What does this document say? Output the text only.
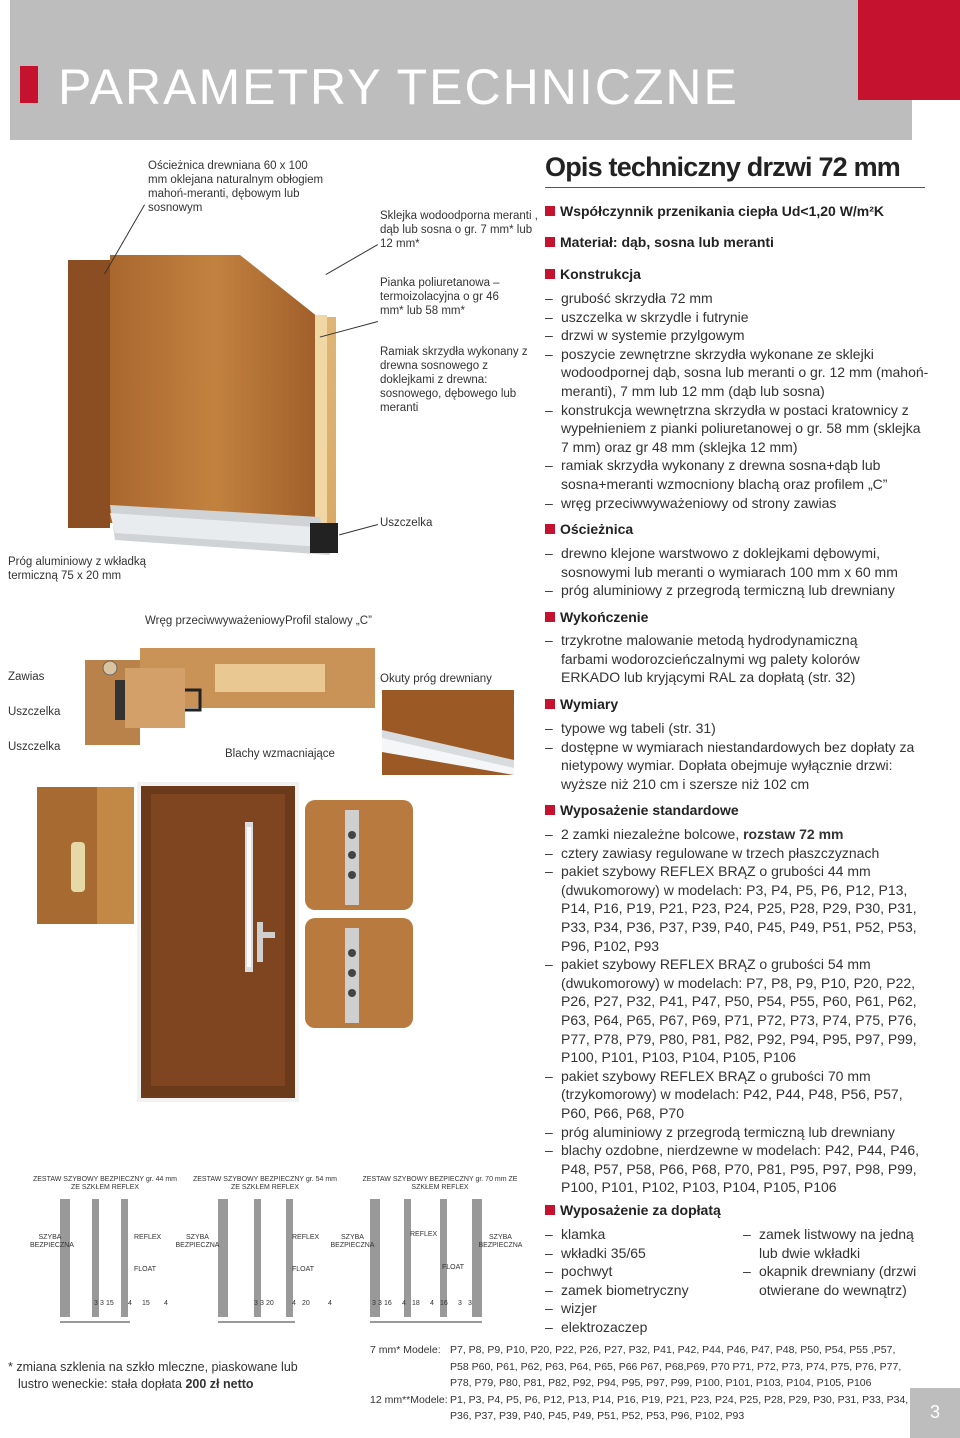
PARAMETRY TECHNICZNE
Ościeżnica drewniana 60 x 100 mm oklejana naturalnym obłogiem mahoń-meranti, dębowym lub sosnowym
Sklejka wodoodporna meranti , dąb lub sosna o gr. 7 mm* lub 12 mm*
Pianka poliuretanowa – termoizolacyjna o gr 46 mm* lub 58 mm*
Ramiak skrzydła wykonany z drewna sosnowego z doklejkami z drewna: sosnowego, dębowego lub meranti
Uszczelka
Próg aluminiowy z wkładką termiczną 75 x 20 mm
Wręg przeciwwyważeniowy Profil stalowy „C”
Zawias
Uszczelka
Uszczelka
Okuty próg drewniany
Blachy wzmacniające
ZESTAW SZYBOWY BEZPIECZNY gr. 44 mm ZE SZKŁEM REFLEX
SZYBA BEZPIECZNA
REFLEX
FLOAT
ZESTAW SZYBOWY BEZPIECZNY gr. 54 mm ZE SZKŁEM REFLEX
SZYBA BEZPIECZNA
REFLEX
FLOAT
ZESTAW SZYBOWY BEZPIECZNY gr. 70 mm ZE SZKŁEM REFLEX
SZYBA BEZPIECZNA
REFLEX
FLOAT
SZYBA BEZPIECZNA
3 3 15 4 15 4	3 3 20	4 20	4	3 3 16 4 18 4 16 3 3
* zmiana szklenia na szkło mleczne, piaskowane lub
lustro weneckie: stała dopłata 200 zł netto
Opis techniczny drzwi 72 mm
Współczynnik przenikania ciepła Ud<1,20 W/m²K
Materiał: dąb, sosna lub meranti
Konstrukcja
– grubość skrzydła 72 mm
– uszczelka w skrzydle i futrynie
– drzwi w systemie przylgowym
– poszycie zewnętrzne skrzydła wykonane ze sklejki wodoodpornej dąb, sosna lub meranti o gr. 12 mm (mahoń-meranti), 7 mm lub 12 mm (dąb lub sosna)
– konstrukcja wewnętrzna skrzydła w postaci kratownicy z wypełnieniem z pianki poliuretanowej o gr. 58 mm (sklejka 7 mm) oraz gr 48 mm (sklejka 12 mm)
– ramiak skrzydła wykonany z drewna sosna+dąb lub sosna+meranti wzmocniony blachą oraz profilem „C”
– wręg przeciwwyważeniowy od strony zawias
Ościeżnica
– drewno klejone warstwowo z doklejkami dębowymi, sosnowymi lub meranti o wymiarach 100 mm x 60 mm
– próg aluminiowy z przegrodą termiczną lub drewniany
Wykończenie
– trzykrotne malowanie metodą hydrodynamiczną farbami wodorozcieńczalnymi wg palety kolorów ERKADO lub kryjącymi RAL za dopłatą (str. 32)
Wymiary
– typowe wg tabeli (str. 31)
– dostępne w wymiarach niestandardowych bez dopłaty za nietypowy wymiar. Dopłata obejmuje wyłącznie drzwi: wyższe niż 210 cm i szersze niż 102 cm
Wyposażenie standardowe
– 2 zamki niezależne bolcowe, rozstaw 72 mm
– cztery zawiasy regulowane w trzech płaszczyznach
– pakiet szybowy REFLEX BRĄZ o grubości 44 mm (dwukomorowy) w modelach: P3, P4, P5, P6, P12, P13, P14, P16, P19, P21, P23, P24, P25, P28, P29, P30, P31, P33, P34, P36, P37, P39, P40, P45, P49, P51, P52, P53, P96, P102, P93
– pakiet szybowy REFLEX BRĄZ o grubości 54 mm (dwukomorowy) w modelach: P7, P8, P9, P10, P20, P22, P26, P27, P32, P41, P47, P50, P54, P55, P60, P61, P62, P63, P64, P65, P67, P69, P71, P72, P73, P74, P75, P76, P77, P78, P79, P80, P81, P82, P92, P94, P95, P97, P99, P100, P101, P103, P104, P105, P106
– pakiet szybowy REFLEX BRĄZ o grubości 70 mm (trzykomorowy) w modelach: P42, P44, P48, P56, P57, P60, P66, P68, P70
– próg aluminiowy z przegrodą termiczną lub drewniany
– blachy ozdobne, nierdzewne w modelach: P42, P44, P46, P48, P57, P58, P66, P68, P70, P81, P95, P97, P98, P99, P100, P101, P102, P103, P104, P105, P106
Wyposażenie za dopłatą
– klamka
– wkładki 35/65
– pochwyt
– zamek biometryczny
– wizjer
– elektrozaczep
– zamek listwowy na jedną lub dwie wkładki
– okapnik drewniany (drzwi otwierane do wewnątrz)
7 mm* Modele: P7, P8, P9, P10, P20, P22, P26, P27, P32, P41, P42, P44, P46, P47, P48, P50, P54, P55 ,P57, P58 P60, P61, P62, P63, P64, P65, P66 P67, P68,P69, P70 P71, P72, P73, P74, P75, P76, P77, P78, P79, P80, P81, P82, P92, P94, P95, P97, P99, P100, P101, P103, P104, P105, P106
12 mm**Modele: P1, P3, P4, P5, P6, P12, P13, P14, P16, P19, P21, P23, P24, P25, P28, P29, P30, P31, P33, P34, P36, P37, P39, P40, P45, P49, P51, P52, P53, P96, P102, P93	3
